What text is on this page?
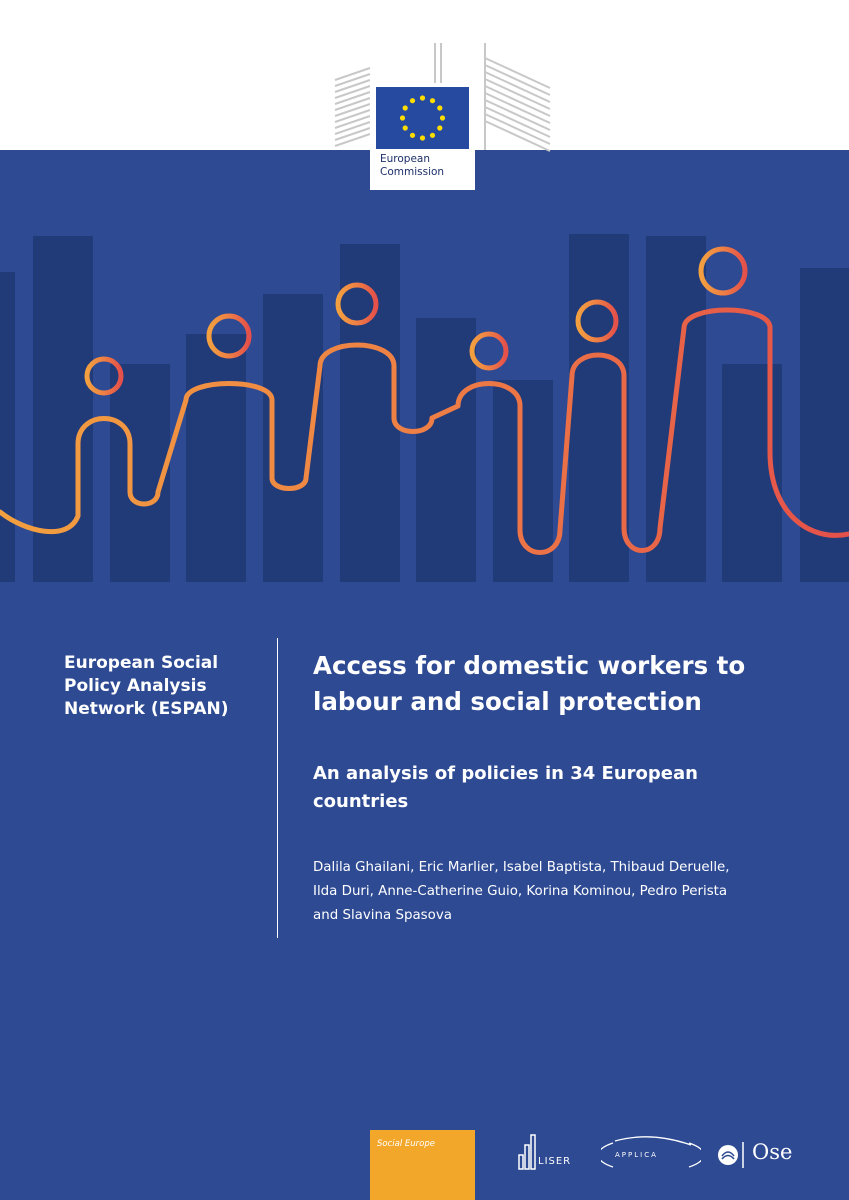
European
Commission
European Social
Policy Analysis
Network (ESPAN)
Access for domestic workers to
labour and social protection
An analysis of policies in 34 European
countries
Dalila Ghailani, Eric Marlier, Isabel Baptista, Thibaud Deruelle,
Ilda Duri, Anne-Catherine Guio, Korina Kominou, Pedro Perista
and Slavina Spasova
Social Europe
LISER
APPLICA	Ose
